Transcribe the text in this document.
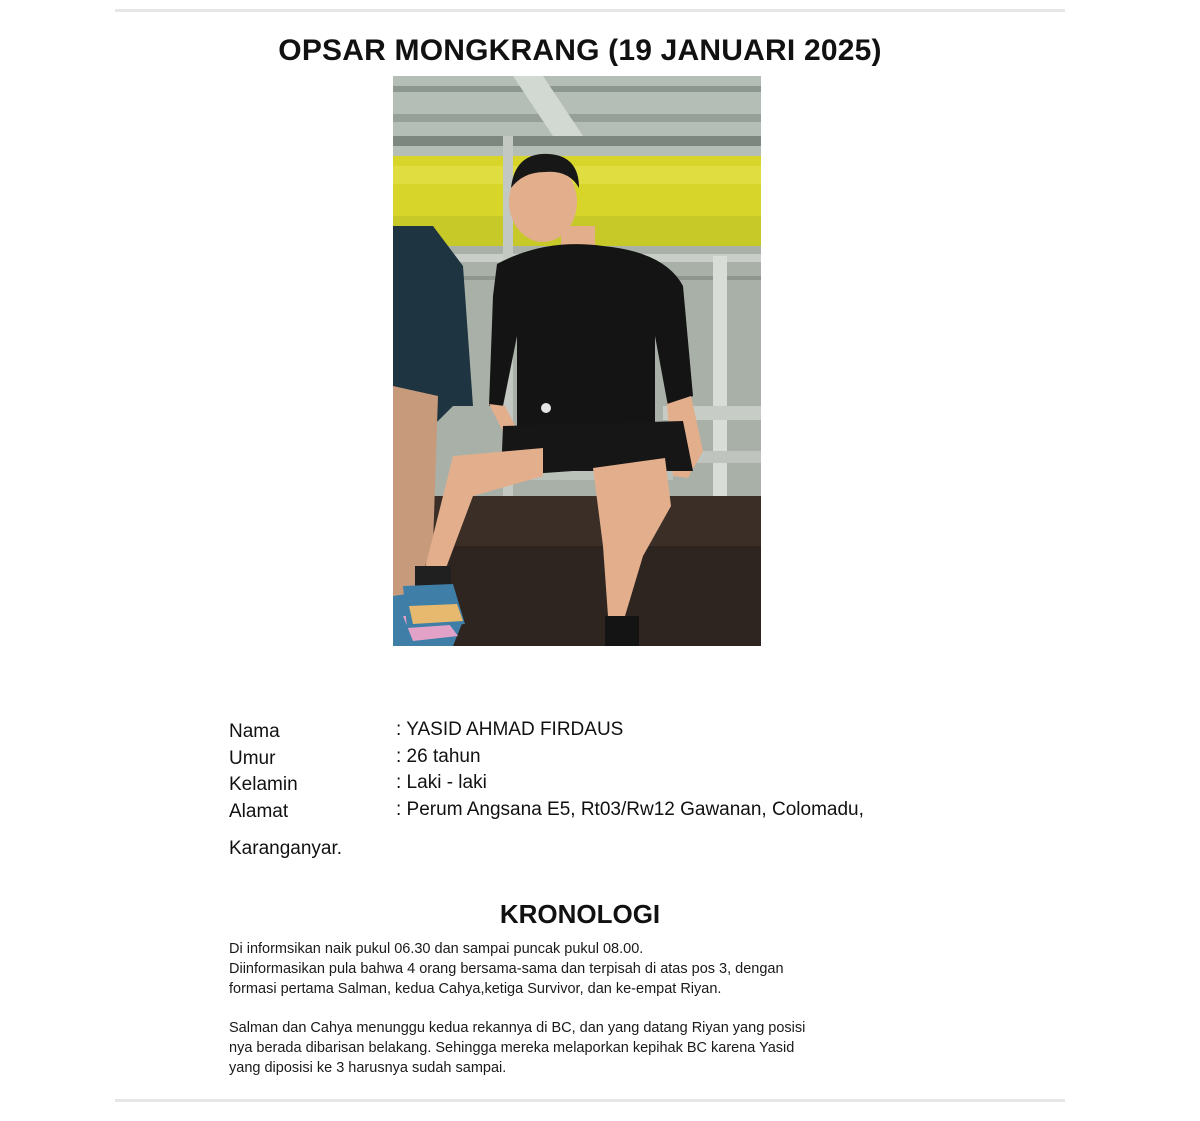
OPSAR MONGKRANG (19 JANUARI 2025)
Nama	: YASID AHMAD FIRDAUS
Umur	: 26 tahun
Kelamin	: Laki - laki
Alamat	: Perum Angsana E5, Rt03/Rw12 Gawanan, Colomadu,
Karanganyar.
KRONOLOGI
Di informsikan naik pukul 06.30 dan sampai puncak pukul 08.00.
Diinformasikan pula bahwa 4 orang bersama-sama dan terpisah di atas pos 3, dengan
formasi pertama Salman, kedua Cahya,ketiga Survivor, dan ke-empat Riyan.
Salman dan Cahya menunggu kedua rekannya di BC, dan yang datang Riyan yang posisi
nya berada dibarisan belakang. Sehingga mereka melaporkan kepihak BC karena Yasid
yang diposisi ke 3 harusnya sudah sampai.
